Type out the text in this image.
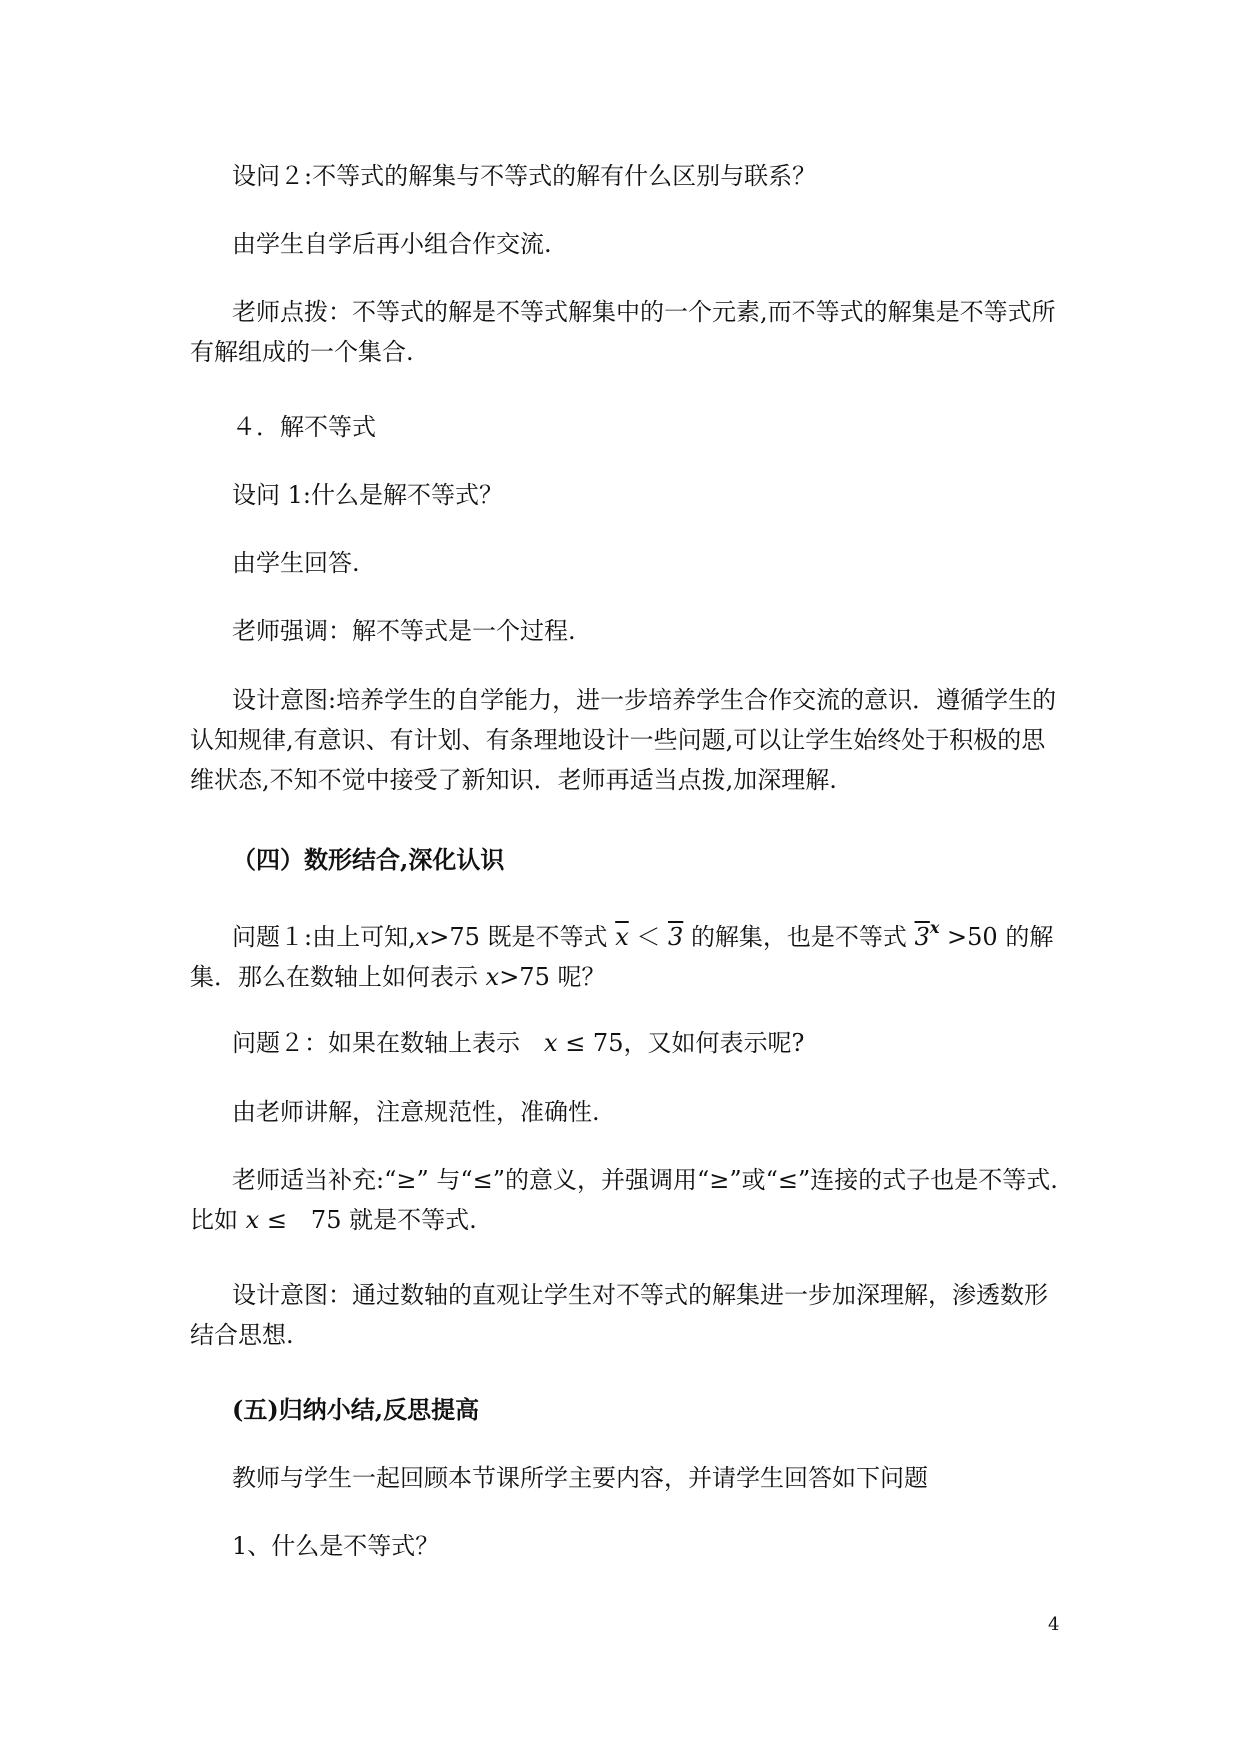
设问２:不等式的解集与不等式的解有什么区别与联系？
由学生自学后再小组合作交流.
老师点拨：不等式的解是不等式解集中的一个元素,而不等式的解集是不等式所有解组成的一个集合.
４．解不等式
设问 1:什么是解不等式？
由学生回答.
老师强调：解不等式是一个过程.
设计意图:培养学生的自学能力，进一步培养学生合作交流的意识．遵循学生的认知规律,有意识、有计划、有条理地设计一些问题,可以让学生始终处于积极的思维状态,不知不觉中接受了新知识．老师再适当点拨,加深理解.
（四）数形结合,深化认识
问题１:由上可知,x>75 既是不等式 $\overline{x} < 3$ 的解集，也是不等式 $3^x >50$ 的解集．那么在数轴上如何表示 x>75 呢？
问题２：如果在数轴上表示　x ≤ 75，又如何表示呢?
由老师讲解，注意规范性，准确性.
老师适当补充:“≥” 与“≤”的意义，并强调用“≥”或“≤”连接的式子也是不等式.比如 x ≤　75 就是不等式.
设计意图：通过数轴的直观让学生对不等式的解集进一步加深理解，渗透数形结合思想.
(五)归纳小结,反思提高
教师与学生一起回顾本节课所学主要内容，并请学生回答如下问题
1、什么是不等式？
4
